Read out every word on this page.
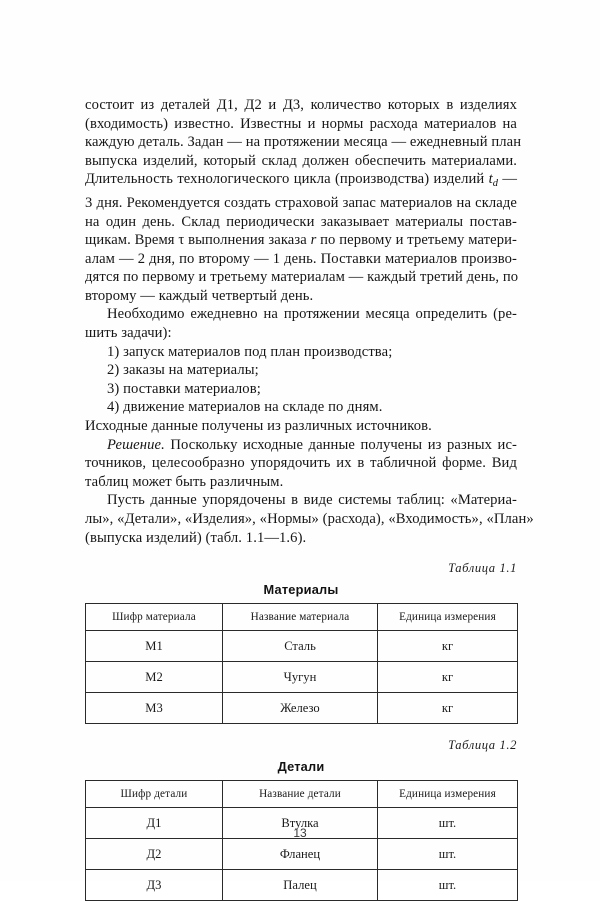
состоит из деталей Д1, Д2 и Д3, количество которых в изделиях
(входимость) известно. Известны и нормы расхода материалов на
каждую деталь. Задан — на протяжении месяца — ежедневный план
выпуска изделий, который склад должен обеспечить материалами.
Длительность технологического цикла (производства) изделий $t_d$ —
3 дня. Рекомендуется создать страховой запас материалов на складе
на один день. Склад периодически заказывает материалы постав-
щикам. Время τ выполнения заказа r по первому и третьему матери-
алам — 2 дня, по второму — 1 день. Поставки материалов произво-
дятся по первому и третьему материалам — каждый третий день, по
второму — каждый четвертый день.
Необходимо ежедневно на протяжении месяца определить (ре-
шить задачи):
1) запуск материалов под план производства;
2) заказы на материалы;
3) поставки материалов;
4) движение материалов на складе по дням.
Исходные данные получены из различных источников.
Решение. Поскольку исходные данные получены из разных ис-
точников, целесообразно упорядочить их в табличной форме. Вид
таблиц может быть различным.
Пусть данные упорядочены в виде системы таблиц: «Материа-
лы», «Детали», «Изделия», «Нормы» (расхода), «Входимость», «План»
(выпуска изделий) (табл. 1.1—1.6).
Таблица 1.1
Материалы
Шифр материала	Название материала	Единица измерения
М1	Сталь	кг
М2	Чугун	кг
М3	Железо	кг
Таблица 1.2
Детали
Шифр детали	Название детали	Единица измерения
Д1	Втулка	шт.
Д2	Фланец	шт.
Д3	Палец	шт.
13
